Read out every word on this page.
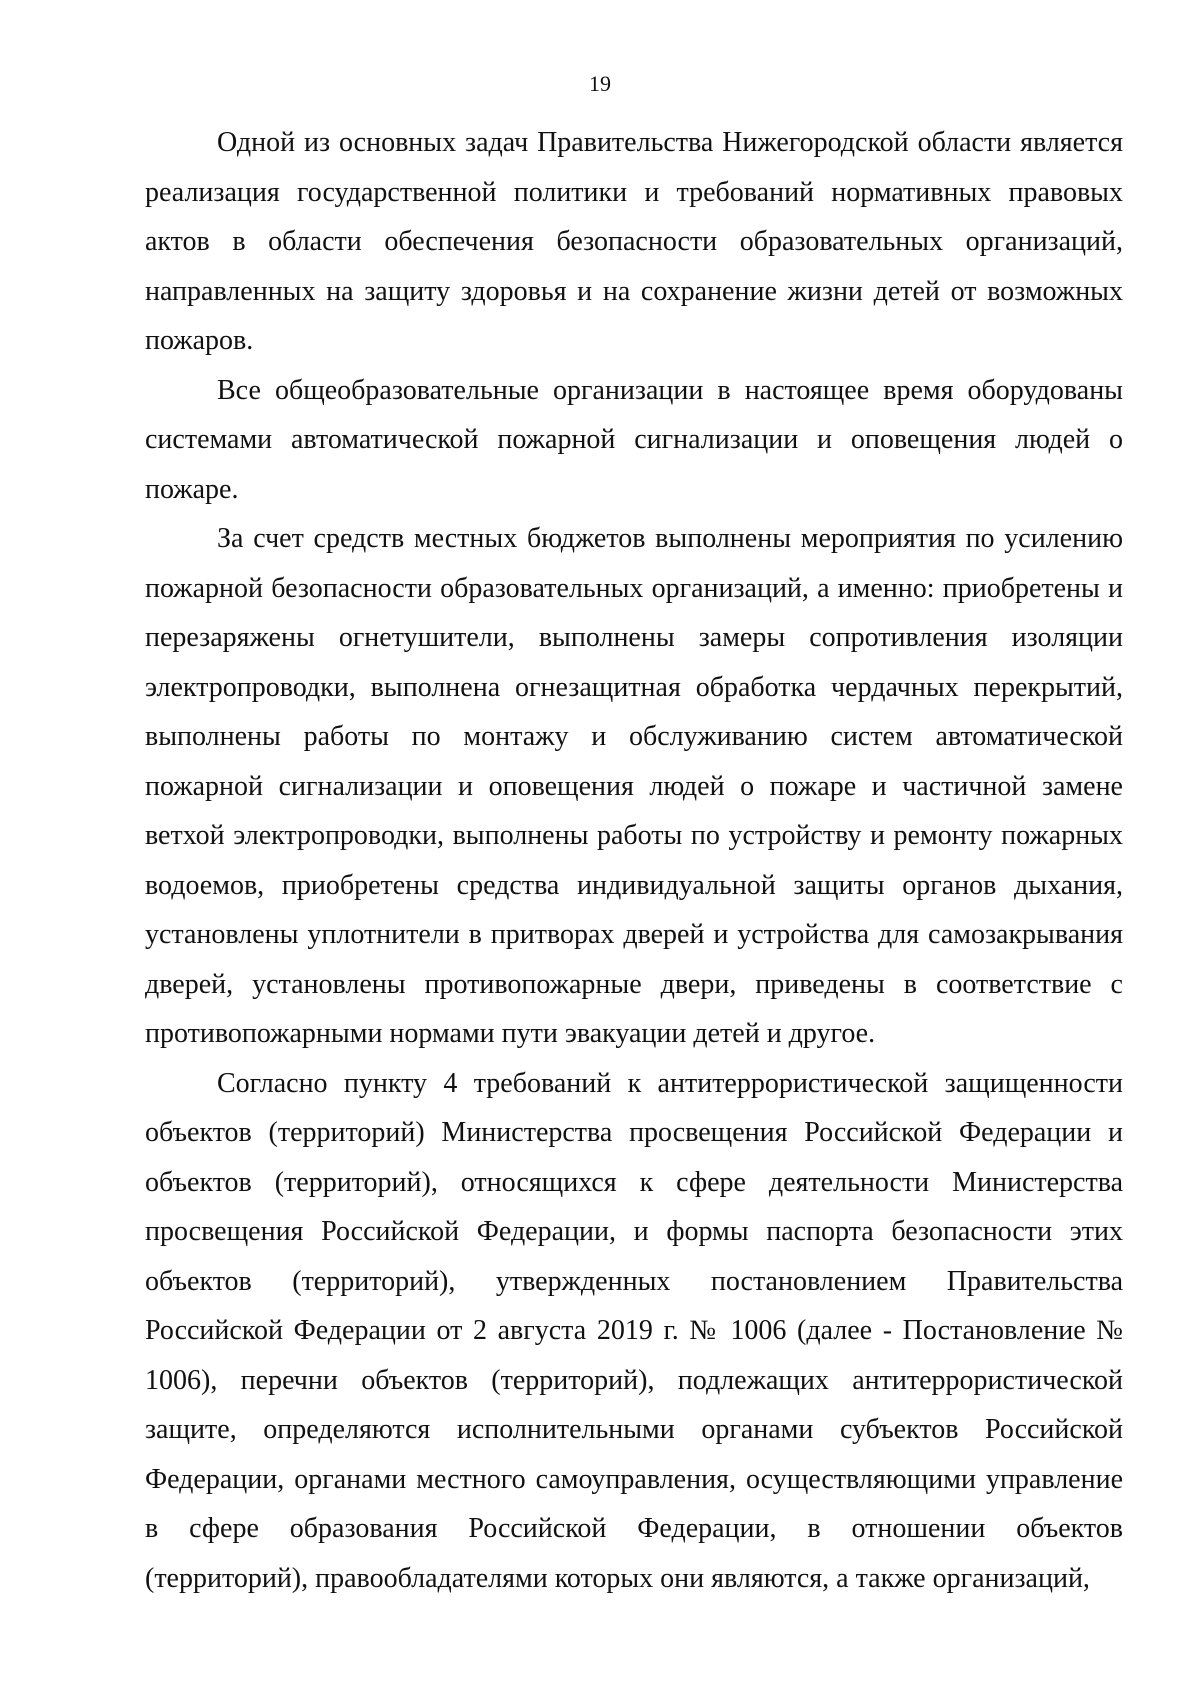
19

Одной из основных задач Правительства Нижегородской области является реализация государственной политики и требований нормативных правовых актов в области обеспечения безопасности образовательных организаций, направленных на защиту здоровья и на сохранение жизни детей от возможных пожаров.

Все общеобразовательные организации в настоящее время оборудованы системами автоматической пожарной сигнализации и оповещения людей о пожаре.

За счет средств местных бюджетов выполнены мероприятия по усилению пожарной безопасности образовательных организаций, а именно: приобретены и перезаряжены огнетушители, выполнены замеры сопротивления изоляции электропроводки, выполнена огнезащитная обработка чердачных перекрытий, выполнены работы по монтажу и обслуживанию систем автоматической пожарной сигнализации и оповещения людей о пожаре и частичной замене ветхой электропроводки, выполнены работы по устройству и ремонту пожарных водоемов, приобретены средства индивидуальной защиты органов дыхания, установлены уплотнители в притворах дверей и устройства для самозакрывания дверей, установлены противопожарные двери, приведены в соответствие с противопожарными нормами пути эвакуации детей и другое.

Согласно пункту 4 требований к антитеррористической защищенности объектов (территорий) Министерства просвещения Российской Федерации и объектов (территорий), относящихся к сфере деятельности Министерства просвещения Российской Федерации, и формы паспорта безопасности этих объектов (территорий), утвержденных постановлением Правительства Российской Федерации от 2 августа 2019 г. № 1006 (далее - Постановление № 1006), перечни объектов (территорий), подлежащих антитеррористической защите, определяются исполнительными органами субъектов Российской Федерации, органами местного самоуправления, осуществляющими управление в сфере образования Российской Федерации, в отношении объектов (территорий), правообладателями которых они являются, а также организаций,
